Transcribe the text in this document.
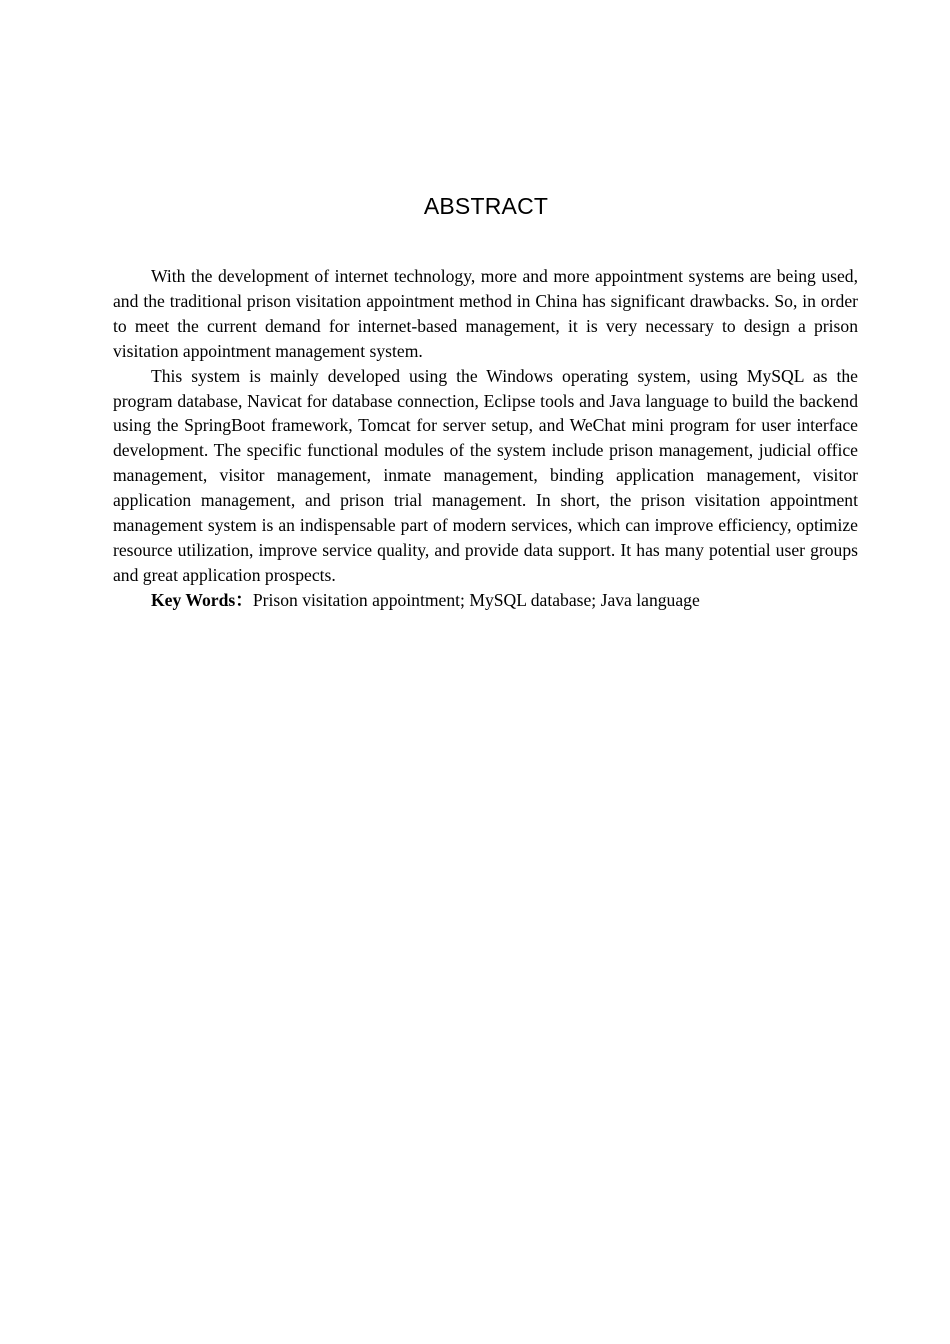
ABSTRACT

With the development of internet technology, more and more appointment systems are being used, and the traditional prison visitation appointment method in China has significant drawbacks. So, in order to meet the current demand for internet-based management, it is very necessary to design a prison visitation appointment management system.

This system is mainly developed using the Windows operating system, using MySQL as the program database, Navicat for database connection, Eclipse tools and Java language to build the backend using the SpringBoot framework, Tomcat for server setup, and WeChat mini program for user interface development. The specific functional modules of the system include prison management, judicial office management, visitor management, inmate management, binding application management, visitor application management, and prison trial management. In short, the prison visitation appointment management system is an indispensable part of modern services, which can improve efficiency, optimize resource utilization, improve service quality, and provide data support. It has many potential user groups and great application prospects.

Key Words：Prison visitation appointment; MySQL database; Java language
